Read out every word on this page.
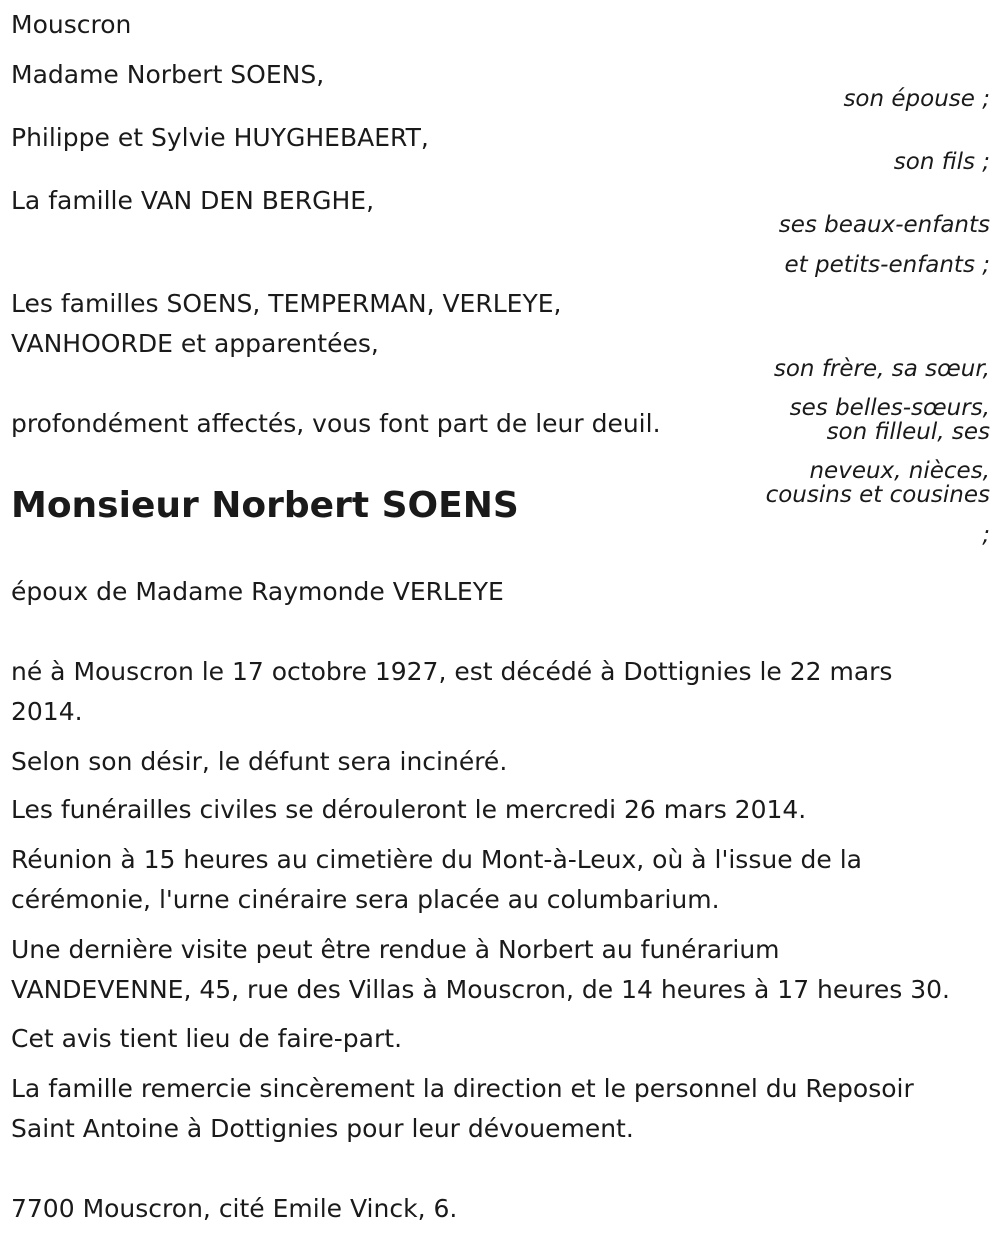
Mouscron

Madame Norbert SOENS,

Philippe et Sylvie HUYGHEBAERT,

La famille VAN DEN BERGHE,

Les familles SOENS, TEMPERMAN, VERLEYE,

VANHOORDE et apparentées,

profondément affectés, vous font part de leur deuil.

son épouse ;
son fils ;
ses beaux-enfants
et petits-enfants ;
son frère, sa sœur,
ses belles-sœurs,
son filleul, ses
neveux, nièces,
cousins et cousines
;
Monsieur Norbert SOENS

époux de Madame Raymonde VERLEYE

né à Mouscron le 17 octobre 1927, est décédé à Dottignies le 22 mars

2014.

Selon son désir, le défunt sera incinéré.

Les funérailles civiles se dérouleront le mercredi 26 mars 2014.

Réunion à 15 heures au cimetière du Mont-à-Leux, où à l'issue de la

cérémonie, l'urne cinéraire sera placée au columbarium.

Une dernière visite peut être rendue à Norbert au funérarium

VANDEVENNE, 45, rue des Villas à Mouscron, de 14 heures à 17 heures 30.

Cet avis tient lieu de faire-part.

La famille remercie sincèrement la direction et le personnel du Reposoir

Saint Antoine à Dottignies pour leur dévouement.

7700 Mouscron, cité Emile Vinck, 6.
